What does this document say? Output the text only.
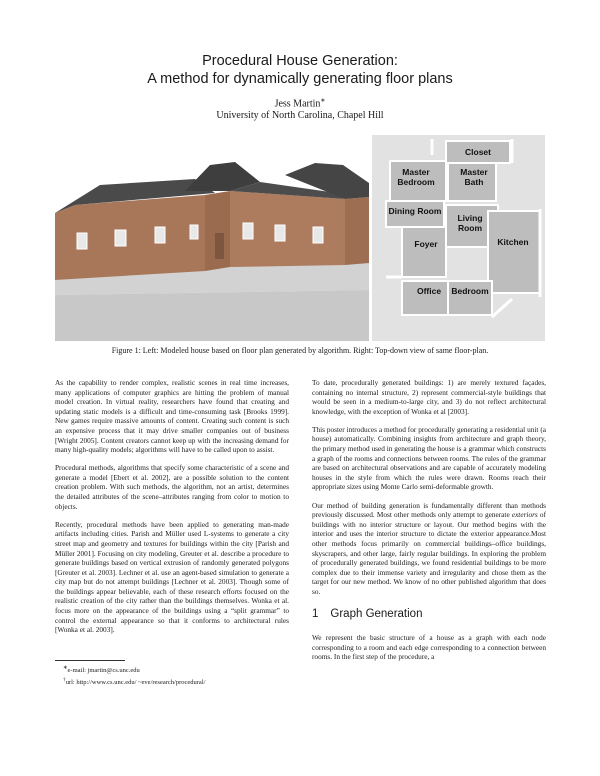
Procedural House Generation:
A method for dynamically generating floor plans
Jess Martin∗
University of North Carolina, Chapel Hill
Closet
Master
Bedroom
Master
Bath
Dining Room
Living
Room
Foyer	Kitchen
Office Bedroom
Figure 1: Left: Modeled house based on floor plan generated by algorithm. Right: Top-down view of same floor-plan.

As the capability to render complex, realistic scenes in real time increases, many applications of computer graphics are hitting the problem of manual model creation. In virtual reality, researchers have found that creating and updating static models is a difficult and time-consuming task [Brooks 1999]. New games require massive amounts of content. Creating such content is such an expensive process that it may drive smaller companies out of business [Wright 2005]. Content creators cannot keep up with the increasing demand for many high-quality models; algorithms will have to be called upon to assist.

Procedural methods, algorithms that specify some characteristic of a scene and generate a model [Ebert et al. 2002], are a possible solution to the content creation problem. With such methods, the algorithm, not an artist, determines the detailed attributes of the scene–attributes ranging from color to motion to objects.

Recently, procedural methods have been applied to generating man-made artifacts including cities. Parish and Müller used L-systems to generate a city street map and geometry and textures for buildings within the city [Parish and Müller 2001]. Focusing on city modeling, Greuter et al. describe a procedure to generate buildings based on vertical extrusion of randomly generated polygons [Greuter et al. 2003]. Lechner et al. use an agent-based simulation to generate a city map but do not attempt buildings [Lechner et al. 2003]. Though some of the buildings appear believable, each of these research efforts focused on the realistic creation of the city rather than the buildings themselves. Wonka et al. focus more on the appearance of the buildings using a “split grammar” to control the external appearance so that it conforms to architectural rules [Wonka et al. 2003].

To date, procedurally generated buildings: 1) are merely textured façades, containing no internal structure, 2) represent commercial-style buildings that would be seen in a medium-to-large city, and 3) do not reflect architectural knowledge, with the exception of Wonka et al [2003].

This poster introduces a method for procedurally generating a residential unit (a house) automatically. Combining insights from architecture and graph theory, the primary method used in generating the house is a grammar which constructs a graph of the rooms and connections between rooms. The rules of the grammar are based on architectural observations and are capable of accurately modeling houses in the style from which the rules were drawn. Rooms reach their appropriate sizes using Monte Carlo semi-deformable growth.

Our method of building generation is fundamentally different than methods previously discussed. Most other methods only attempt to generate exteriors of buildings with no interior structure or layout. Our method begins with the interior and uses the interior structure to dictate the exterior appearance.Most other methods focus primarily on commercial buildings–office buildings, skyscrapers, and other large, fairly regular buildings. In exploring the problem of procedurally generated buildings, we found residential buildings to be more complex due to their immense variety and irregularity and chose them as the target for our new method. We know of no other published algorithm that does so.

1 Graph Generation

We represent the basic structure of a house as a graph with each node corresponding to a room and each edge corresponding to a connection between rooms. In the first step of the procedure, a

∗e-mail: jmartin@cs.unc.edu
†url: http://www.cs.unc.edu/ ~eve/research/procedural/
